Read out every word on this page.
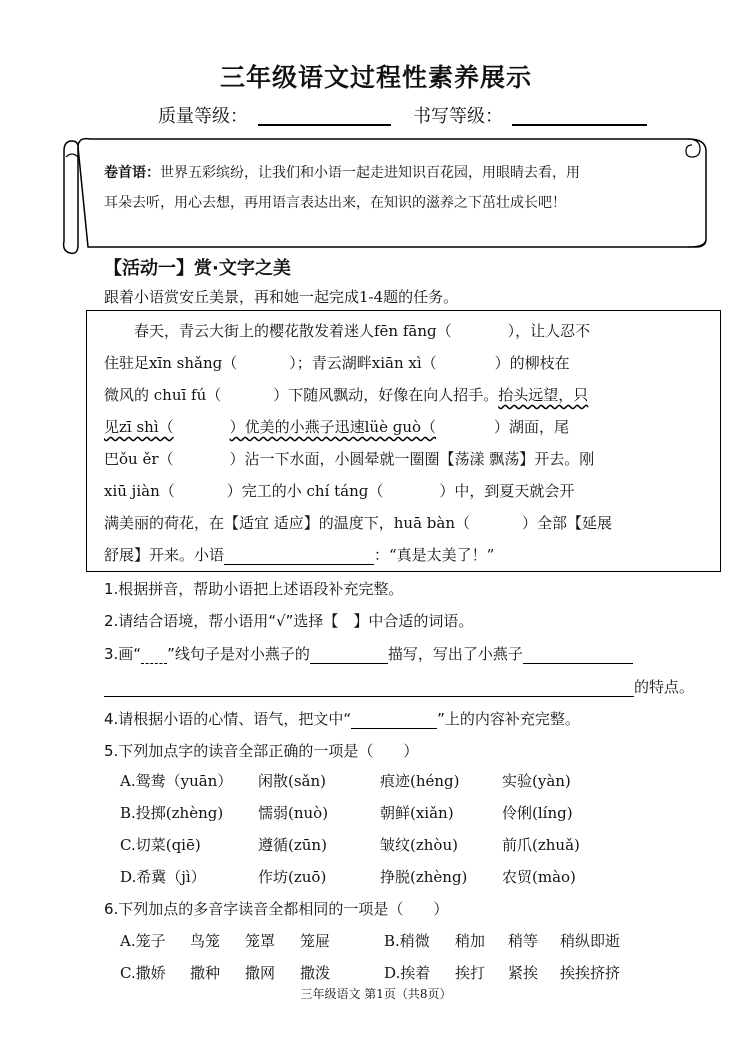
三年级语文过程性素养展示
质量等级：	书写等级：
卷首语：世界五彩缤纷，让我们和小语一起走进知识百花园，用眼睛去看，用
耳朵去听，用心去想，再用语言表达出来，在知识的滋养之下茁壮成长吧！
【活动一】赏·文字之美
跟着小语赏安丘美景，再和她一起完成1-4题的任务。
春天，青云大街上的樱花散发着迷人fēn fānɡ（	），让人忍不
住驻足xīn shǎnɡ（	）；青云湖畔xiān xì（	）的柳枝在
微风的 chuī fú（	）下随风飘动，好像在向人招手。抬头远望，只
见zī shì（	）优美的小燕子迅速lüè ɡuò（	）湖面，尾
巴ǒu ěr（	）沾一下水面，小圆晕就一圈圈【荡漾 飘荡】开去。刚
xiū jiàn（	）完工的小 chí tánɡ（	）中，到夏天就会开
满美丽的荷花，在【适宜 适应】的温度下，huā bàn（	）全部【延展
舒展】开来。小语	：“真是太美了！”
1.根据拼音，帮助小语把上述语段补充完整。
2.请结合语境，帮小语用“√”选择【　】中合适的词语。
3.画“ ”线句子是对小燕子的	描写，写出了小燕子
的特点。
4.请根据小语的心情、语气，把文中“	”上的内容补充完整。
5.下列加点字的读音全部正确的一项是（　　）
A.鸳鸯（yuān） 闲散(sǎn)	痕迹(héng)	实验(yàn)
B.投掷(zhèng) 懦弱(nuò)	朝鲜(xiǎn)	伶俐(líng)
C.切菜(qiē)	遵循(zūn)	皱纹(zhòu)	前爪(zhuǎ)
D.希冀（jì）	作坊(zuō)	挣脱(zhèng) 农贸(mào)
6.下列加点的多音字读音全都相同的一项是（　　）
A.笼子 鸟笼 笼罩 笼屉	B.稍微 稍加 稍等 稍纵即逝
C.撒娇 撒种 撒网 撒泼	D.挨着 挨打 紧挨 挨挨挤挤
三年级语文 第1页（共8页）
